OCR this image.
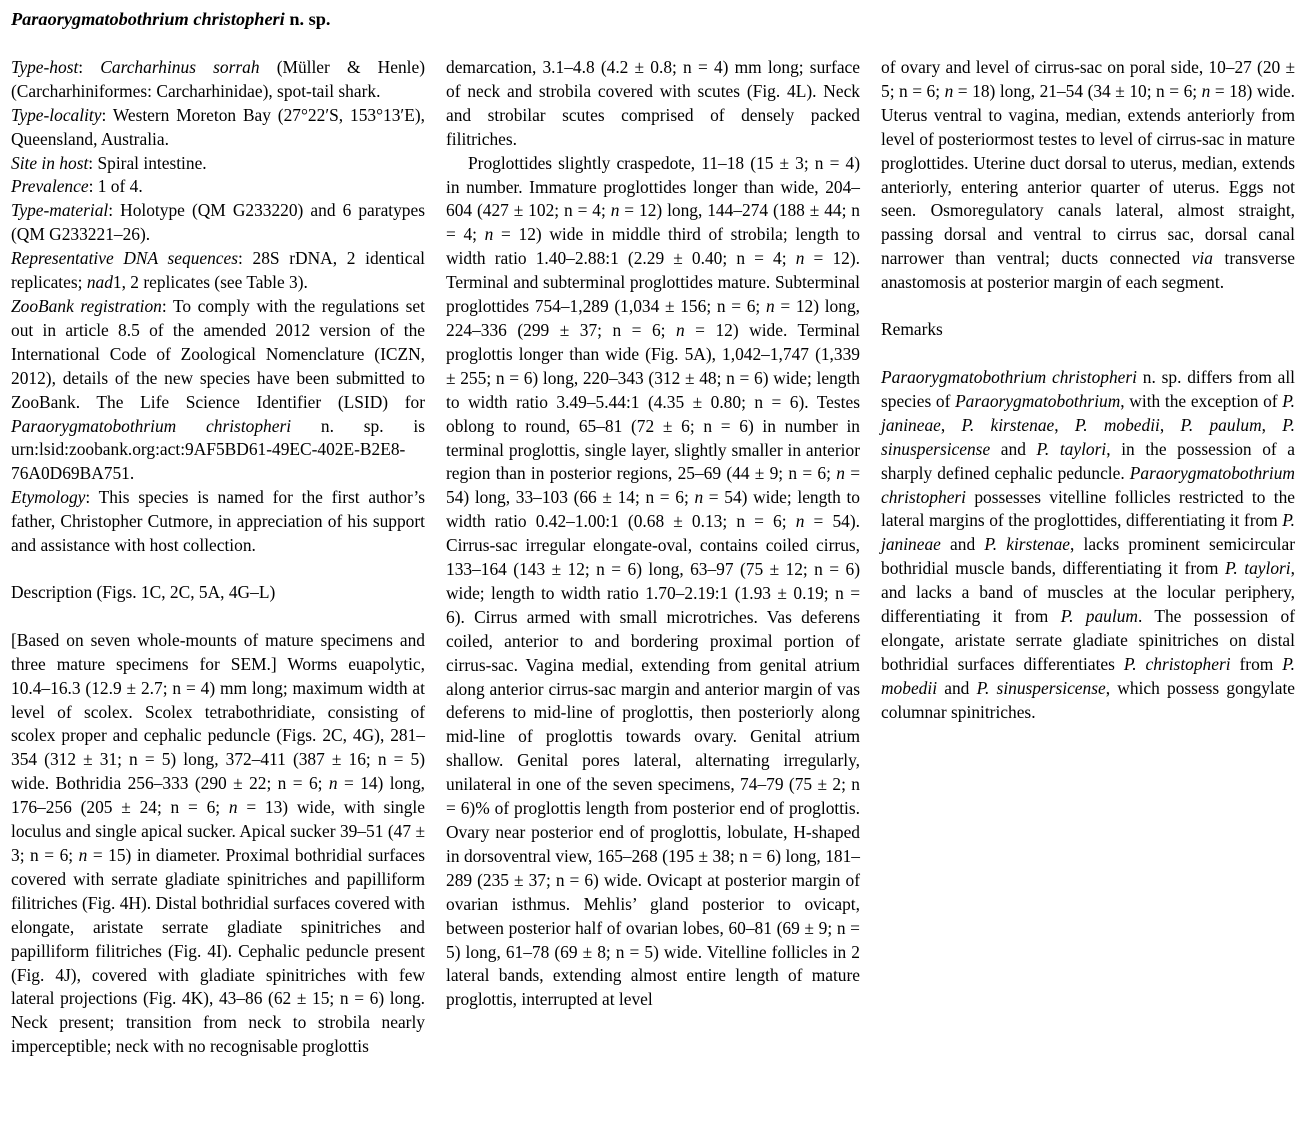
Paraorygmatobothrium christopheri n. sp.
Type-host: Carcharhinus sorrah (Müller & Henle) (Carcharhiniformes: Carcharhinidae), spot-tail shark.
Type-locality: Western Moreton Bay (27°22′S, 153°13′E), Queensland, Australia.
Site in host: Spiral intestine.
Prevalence: 1 of 4.
Type-material: Holotype (QM G233220) and 6 paratypes (QM G233221–26).
Representative DNA sequences: 28S rDNA, 2 identical replicates; nad1, 2 replicates (see Table 3).
ZooBank registration: To comply with the regulations set out in article 8.5 of the amended 2012 version of the International Code of Zoological Nomenclature (ICZN, 2012), details of the new species have been submitted to ZooBank. The Life Science Identifier (LSID) for Paraorygmatobothrium christopheri n. sp. is urn:lsid:zoobank.org:act:9AF5BD61-49EC-402E-B2E8-76A0D69BA751.
Etymology: This species is named for the first author’s father, Christopher Cutmore, in appreciation of his support and assistance with host collection.
Description (Figs. 1C, 2C, 5A, 4G–L)
[Based on seven whole-mounts of mature specimens and three mature specimens for SEM.] Worms euapolytic, 10.4–16.3 (12.9 ± 2.7; n = 4) mm long; maximum width at level of scolex. Scolex tetrabothridiate, consisting of scolex proper and cephalic peduncle (Figs. 2C, 4G), 281–354 (312 ± 31; n = 5) long, 372–411 (387 ± 16; n = 5) wide. Bothridia 256–333 (290 ± 22; n = 6; n = 14) long, 176–256 (205 ± 24; n = 6; n = 13) wide, with single loculus and single apical sucker. Apical sucker 39–51 (47 ± 3; n = 6; n = 15) in diameter. Proximal bothridial surfaces covered with serrate gladiate spinitriches and papilliform filitriches (Fig. 4H). Distal bothridial surfaces covered with elongate, aristate serrate gladiate spinitriches and papilliform filitriches (Fig. 4I). Cephalic peduncle present (Fig. 4J), covered with gladiate spinitriches with few lateral projections (Fig. 4K), 43–86 (62 ± 15; n = 6) long. Neck present; transition from neck to strobila nearly imperceptible; neck with no recognisable proglottis
demarcation, 3.1–4.8 (4.2 ± 0.8; n = 4) mm long; surface of neck and strobila covered with scutes (Fig. 4L). Neck and strobilar scutes comprised of densely packed filitriches.
Proglottides slightly craspedote, 11–18 (15 ± 3; n = 4) in number. Immature proglottides longer than wide, 204–604 (427 ± 102; n = 4; n = 12) long, 144–274 (188 ± 44; n = 4; n = 12) wide in middle third of strobila; length to width ratio 1.40–2.88:1 (2.29 ± 0.40; n = 4; n = 12). Terminal and subterminal proglottides mature. Subterminal proglottides 754–1,289 (1,034 ± 156; n = 6; n = 12) long, 224–336 (299 ± 37; n = 6; n = 12) wide. Terminal proglottis longer than wide (Fig. 5A), 1,042–1,747 (1,339 ± 255; n = 6) long, 220–343 (312 ± 48; n = 6) wide; length to width ratio 3.49–5.44:1 (4.35 ± 0.80; n = 6). Testes oblong to round, 65–81 (72 ± 6; n = 6) in number in terminal proglottis, single layer, slightly smaller in anterior region than in posterior regions, 25–69 (44 ± 9; n = 6; n = 54) long, 33–103 (66 ± 14; n = 6; n = 54) wide; length to width ratio 0.42–1.00:1 (0.68 ± 0.13; n = 6; n = 54). Cirrus-sac irregular elongate-oval, contains coiled cirrus, 133–164 (143 ± 12; n = 6) long, 63–97 (75 ± 12; n = 6) wide; length to width ratio 1.70–2.19:1 (1.93 ± 0.19; n = 6). Cirrus armed with small microtriches. Vas deferens coiled, anterior to and bordering proximal portion of cirrus-sac. Vagina medial, extending from genital atrium along anterior cirrus-sac margin and anterior margin of vas deferens to mid-line of proglottis, then posteriorly along mid-line of proglottis towards ovary. Genital atrium shallow. Genital pores lateral, alternating irregularly, unilateral in one of the seven specimens, 74–79 (75 ± 2; n = 6)% of proglottis length from posterior end of proglottis. Ovary near posterior end of proglottis, lobulate, H-shaped in dorsoventral view, 165–268 (195 ± 38; n = 6) long, 181–289 (235 ± 37; n = 6) wide. Ovicapt at posterior margin of ovarian isthmus. Mehlis’ gland posterior to ovicapt, between posterior half of ovarian lobes, 60–81 (69 ± 9; n = 5) long, 61–78 (69 ± 8; n = 5) wide. Vitelline follicles in 2 lateral bands, extending almost entire length of mature proglottis, interrupted at level
of ovary and level of cirrus-sac on poral side, 10–27 (20 ± 5; n = 6; n = 18) long, 21–54 (34 ± 10; n = 6; n = 18) wide. Uterus ventral to vagina, median, extends anteriorly from level of posteriormost testes to level of cirrus-sac in mature proglottides. Uterine duct dorsal to uterus, median, extends anteriorly, entering anterior quarter of uterus. Eggs not seen. Osmoregulatory canals lateral, almost straight, passing dorsal and ventral to cirrus sac, dorsal canal narrower than ventral; ducts connected via transverse anastomosis at posterior margin of each segment.
Remarks
Paraorygmatobothrium christopheri n. sp. differs from all species of Paraorygmatobothrium, with the exception of P. janineae, P. kirstenae, P. mobedii, P. paulum, P. sinuspersicense and P. taylori, in the possession of a sharply defined cephalic peduncle. Paraorygmatobothrium christopheri possesses vitelline follicles restricted to the lateral margins of the proglottides, differentiating it from P. janineae and P. kirstenae, lacks prominent semicircular bothridial muscle bands, differentiating it from P. taylori, and lacks a band of muscles at the locular periphery, differentiating it from P. paulum. The possession of elongate, aristate serrate gladiate spinitriches on distal bothridial surfaces differentiates P. christopheri from P. mobedii and P. sinuspersicense, which possess gongylate columnar spinitriches.
